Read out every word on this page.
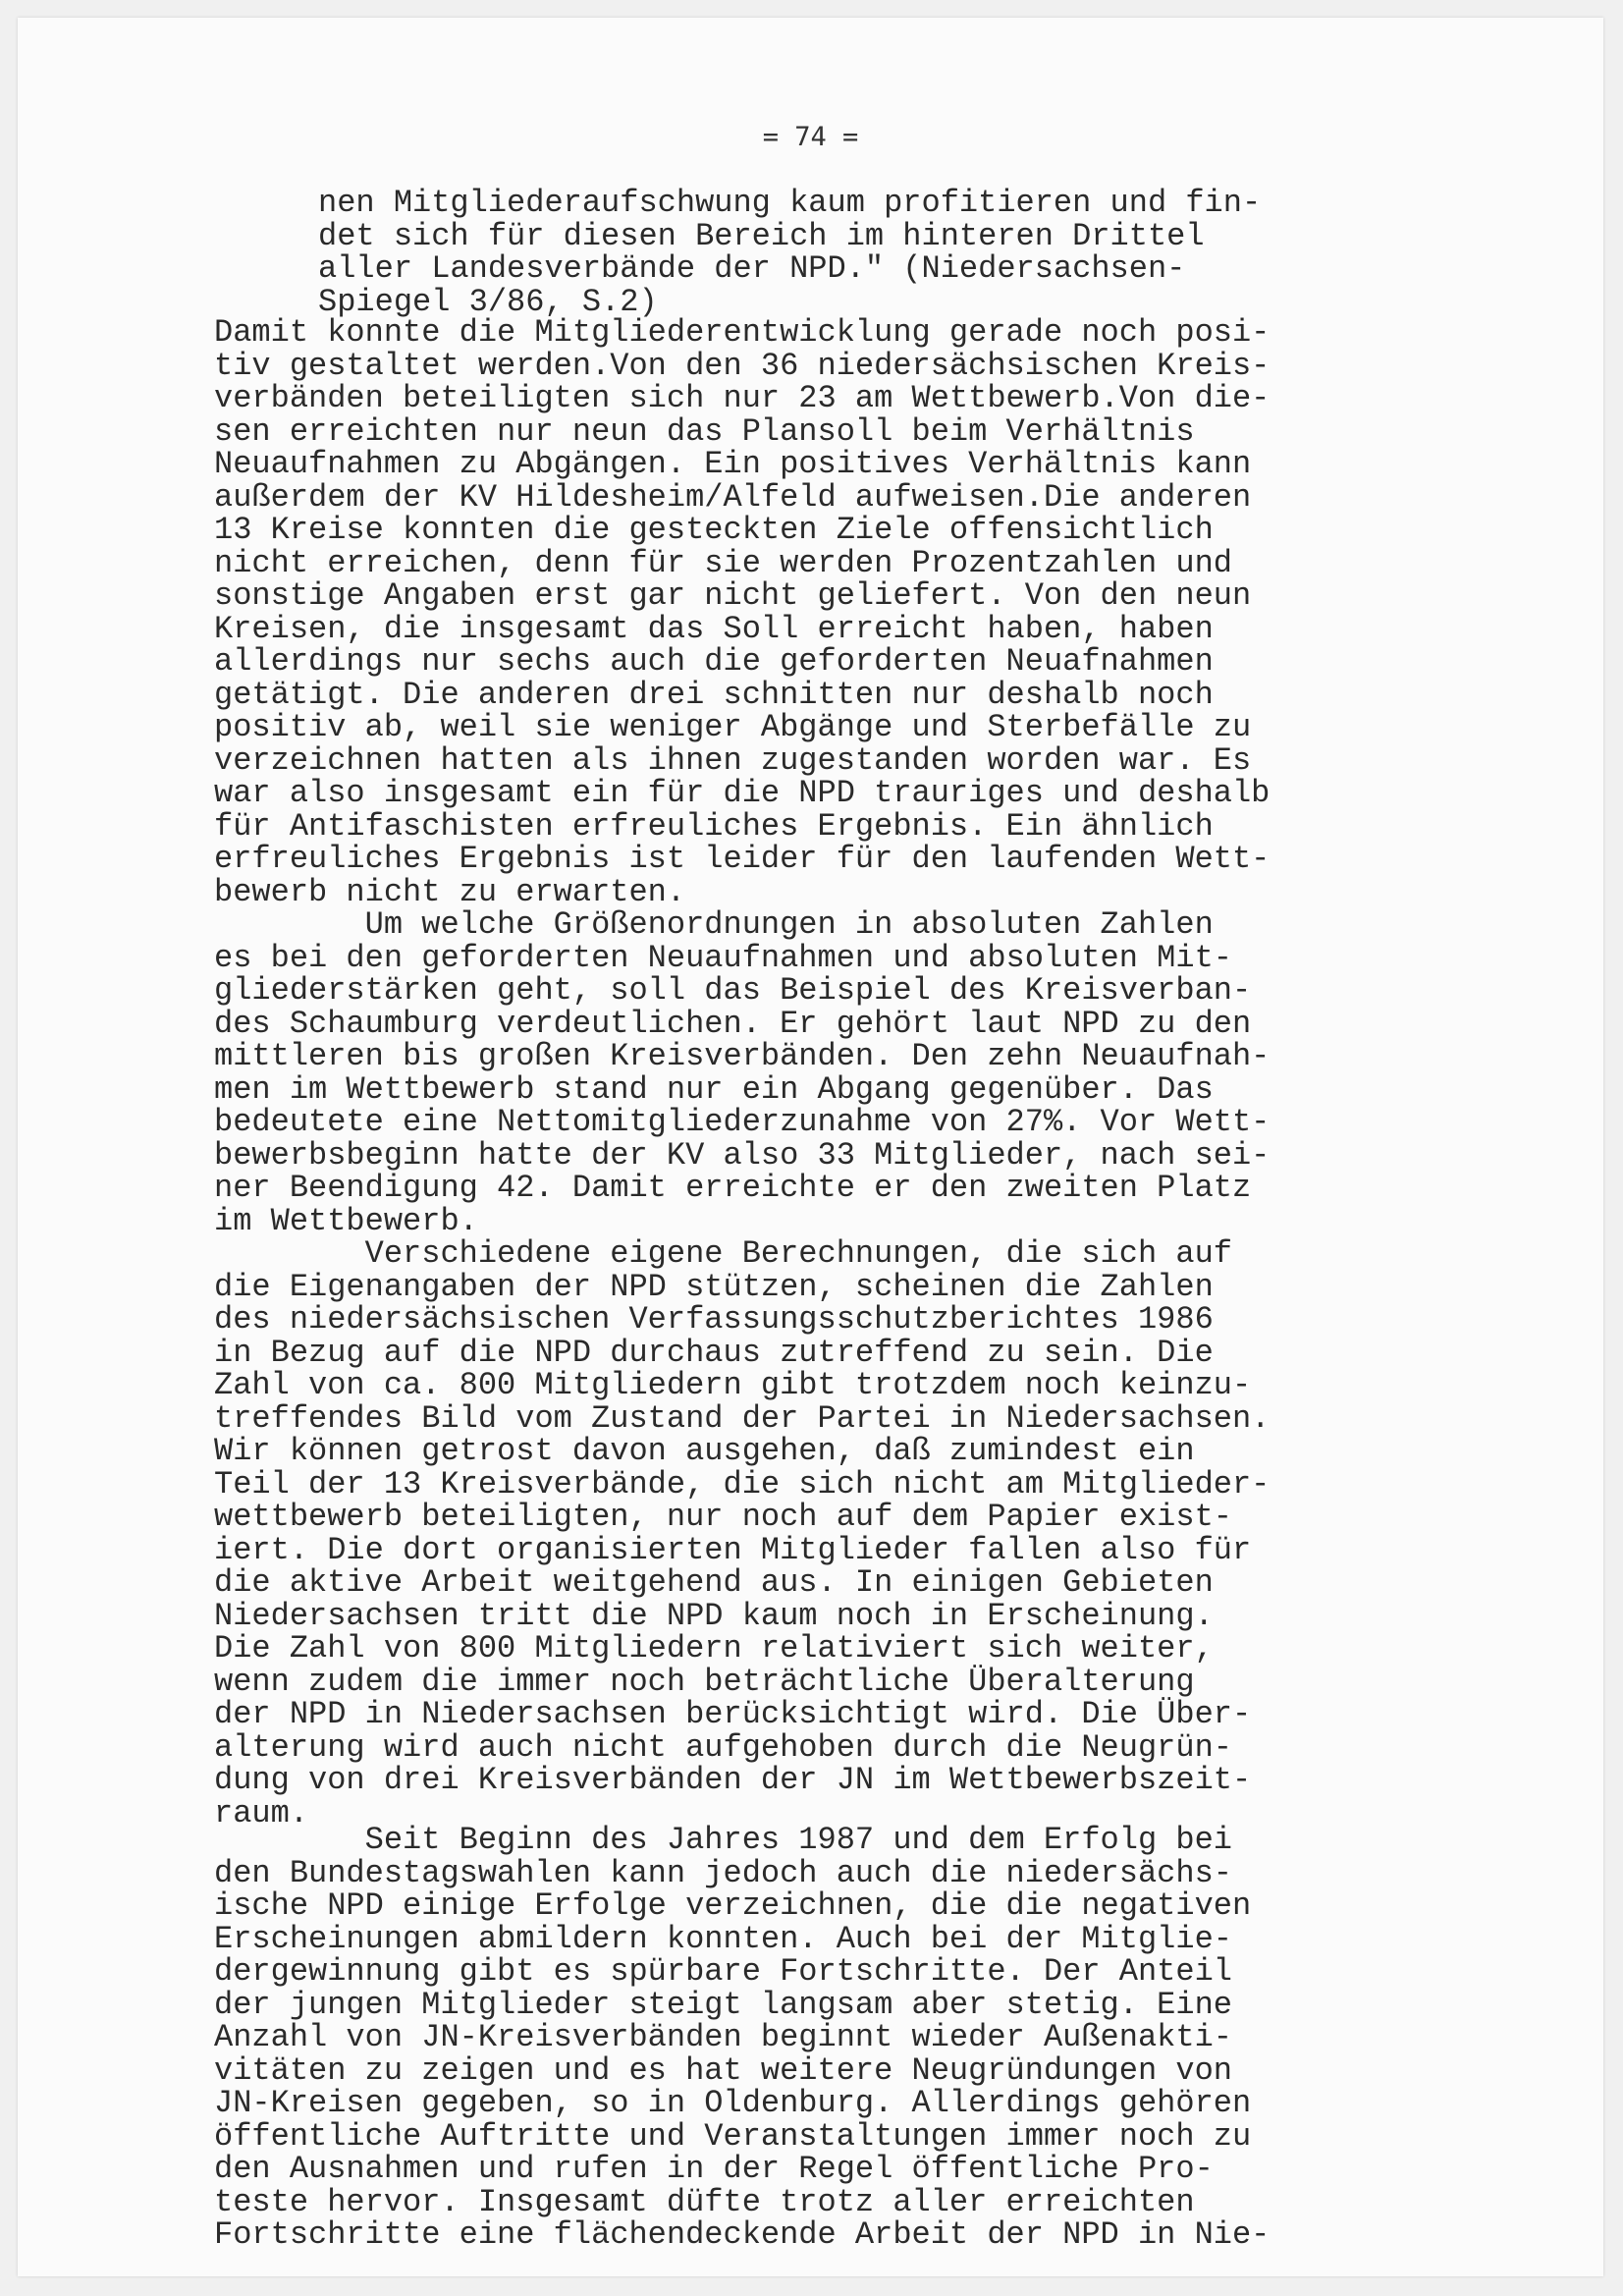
= 74 =
nen Mitgliederaufschwung kaum profitieren und fin-
det sich für diesen Bereich im hinteren Drittel
aller Landesverbände der NPD." (Niedersachsen-
Spiegel 3/86, S.2)
Damit konnte die Mitgliederentwicklung gerade noch posi-
tiv gestaltet werden.Von den 36 niedersächsischen Kreis-
verbänden beteiligten sich nur 23 am Wettbewerb.Von die-
sen erreichten nur neun das Plansoll beim Verhältnis
Neuaufnahmen zu Abgängen. Ein positives Verhältnis kann
außerdem der KV Hildesheim/Alfeld aufweisen.Die anderen
13 Kreise konnten die gesteckten Ziele offensichtlich
nicht erreichen, denn für sie werden Prozentzahlen und
sonstige Angaben erst gar nicht geliefert. Von den neun
Kreisen, die insgesamt das Soll erreicht haben, haben
allerdings nur sechs auch die geforderten Neuafnahmen
getätigt. Die anderen drei schnitten nur deshalb noch
positiv ab, weil sie weniger Abgänge und Sterbefälle zu
verzeichnen hatten als ihnen zugestanden worden war. Es
war also insgesamt ein für die NPD trauriges und deshalb
für Antifaschisten erfreuliches Ergebnis. Ein ähnlich
erfreuliches Ergebnis ist leider für den laufenden Wett-
bewerb nicht zu erwarten.
Um welche Größenordnungen in absoluten Zahlen
es bei den geforderten Neuaufnahmen und absoluten Mit-
gliederstärken geht, soll das Beispiel des Kreisverban-
des Schaumburg verdeutlichen. Er gehört laut NPD zu den
mittleren bis großen Kreisverbänden. Den zehn Neuaufnah-
men im Wettbewerb stand nur ein Abgang gegenüber. Das
bedeutete eine Nettomitgliederzunahme von 27%. Vor Wett-
bewerbsbeginn hatte der KV also 33 Mitglieder, nach sei-
ner Beendigung 42. Damit erreichte er den zweiten Platz
im Wettbewerb.
Verschiedene eigene Berechnungen, die sich auf
die Eigenangaben der NPD stützen, scheinen die Zahlen
des niedersächsischen Verfassungsschutzberichtes 1986
in Bezug auf die NPD durchaus zutreffend zu sein. Die
Zahl von ca. 800 Mitgliedern gibt trotzdem noch keinzu-
treffendes Bild vom Zustand der Partei in Niedersachsen.
Wir können getrost davon ausgehen, daß zumindest ein
Teil der 13 Kreisverbände, die sich nicht am Mitglieder-
wettbewerb beteiligten, nur noch auf dem Papier exist-
iert. Die dort organisierten Mitglieder fallen also für
die aktive Arbeit weitgehend aus. In einigen Gebieten
Niedersachsen tritt die NPD kaum noch in Erscheinung.
Die Zahl von 800 Mitgliedern relativiert sich weiter,
wenn zudem die immer noch beträchtliche Überalterung
der NPD in Niedersachsen berücksichtigt wird. Die Über-
alterung wird auch nicht aufgehoben durch die Neugrün-
dung von drei Kreisverbänden der JN im Wettbewerbszeit-
raum.
Seit Beginn des Jahres 1987 und dem Erfolg bei
den Bundestagswahlen kann jedoch auch die niedersächs-
ische NPD einige Erfolge verzeichnen, die die negativen
Erscheinungen abmildern konnten. Auch bei der Mitglie-
dergewinnung gibt es spürbare Fortschritte. Der Anteil
der jungen Mitglieder steigt langsam aber stetig. Eine
Anzahl von JN-Kreisverbänden beginnt wieder Außenakti-
vitäten zu zeigen und es hat weitere Neugründungen von
JN-Kreisen gegeben, so in Oldenburg. Allerdings gehören
öffentliche Auftritte und Veranstaltungen immer noch zu
den Ausnahmen und rufen in der Regel öffentliche Pro-
teste hervor. Insgesamt düfte trotz aller erreichten
Fortschritte eine flächendeckende Arbeit der NPD in Nie-
